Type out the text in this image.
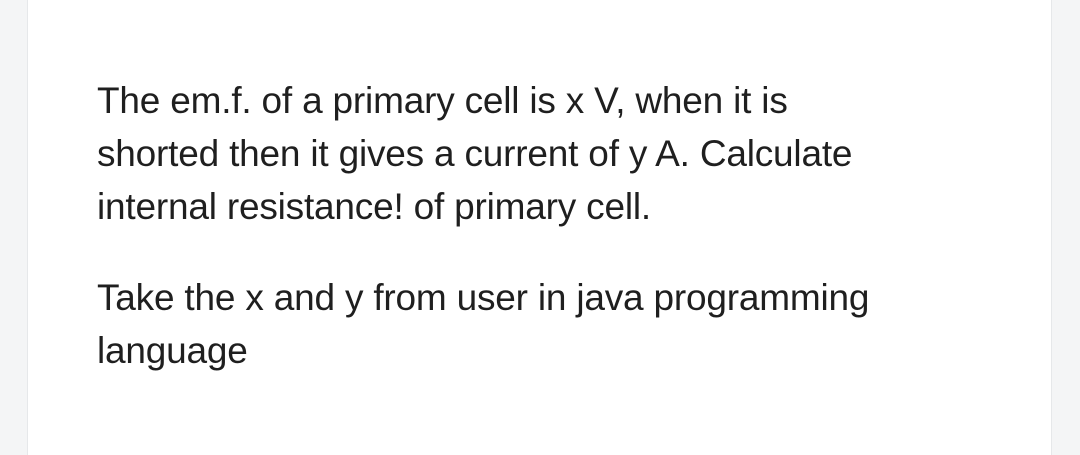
The em.f. of a primary cell is x V, when it is
shorted then it gives a current of y A. Calculate
internal resistance! of primary cell.

Take the x and y from user in java programming
language
